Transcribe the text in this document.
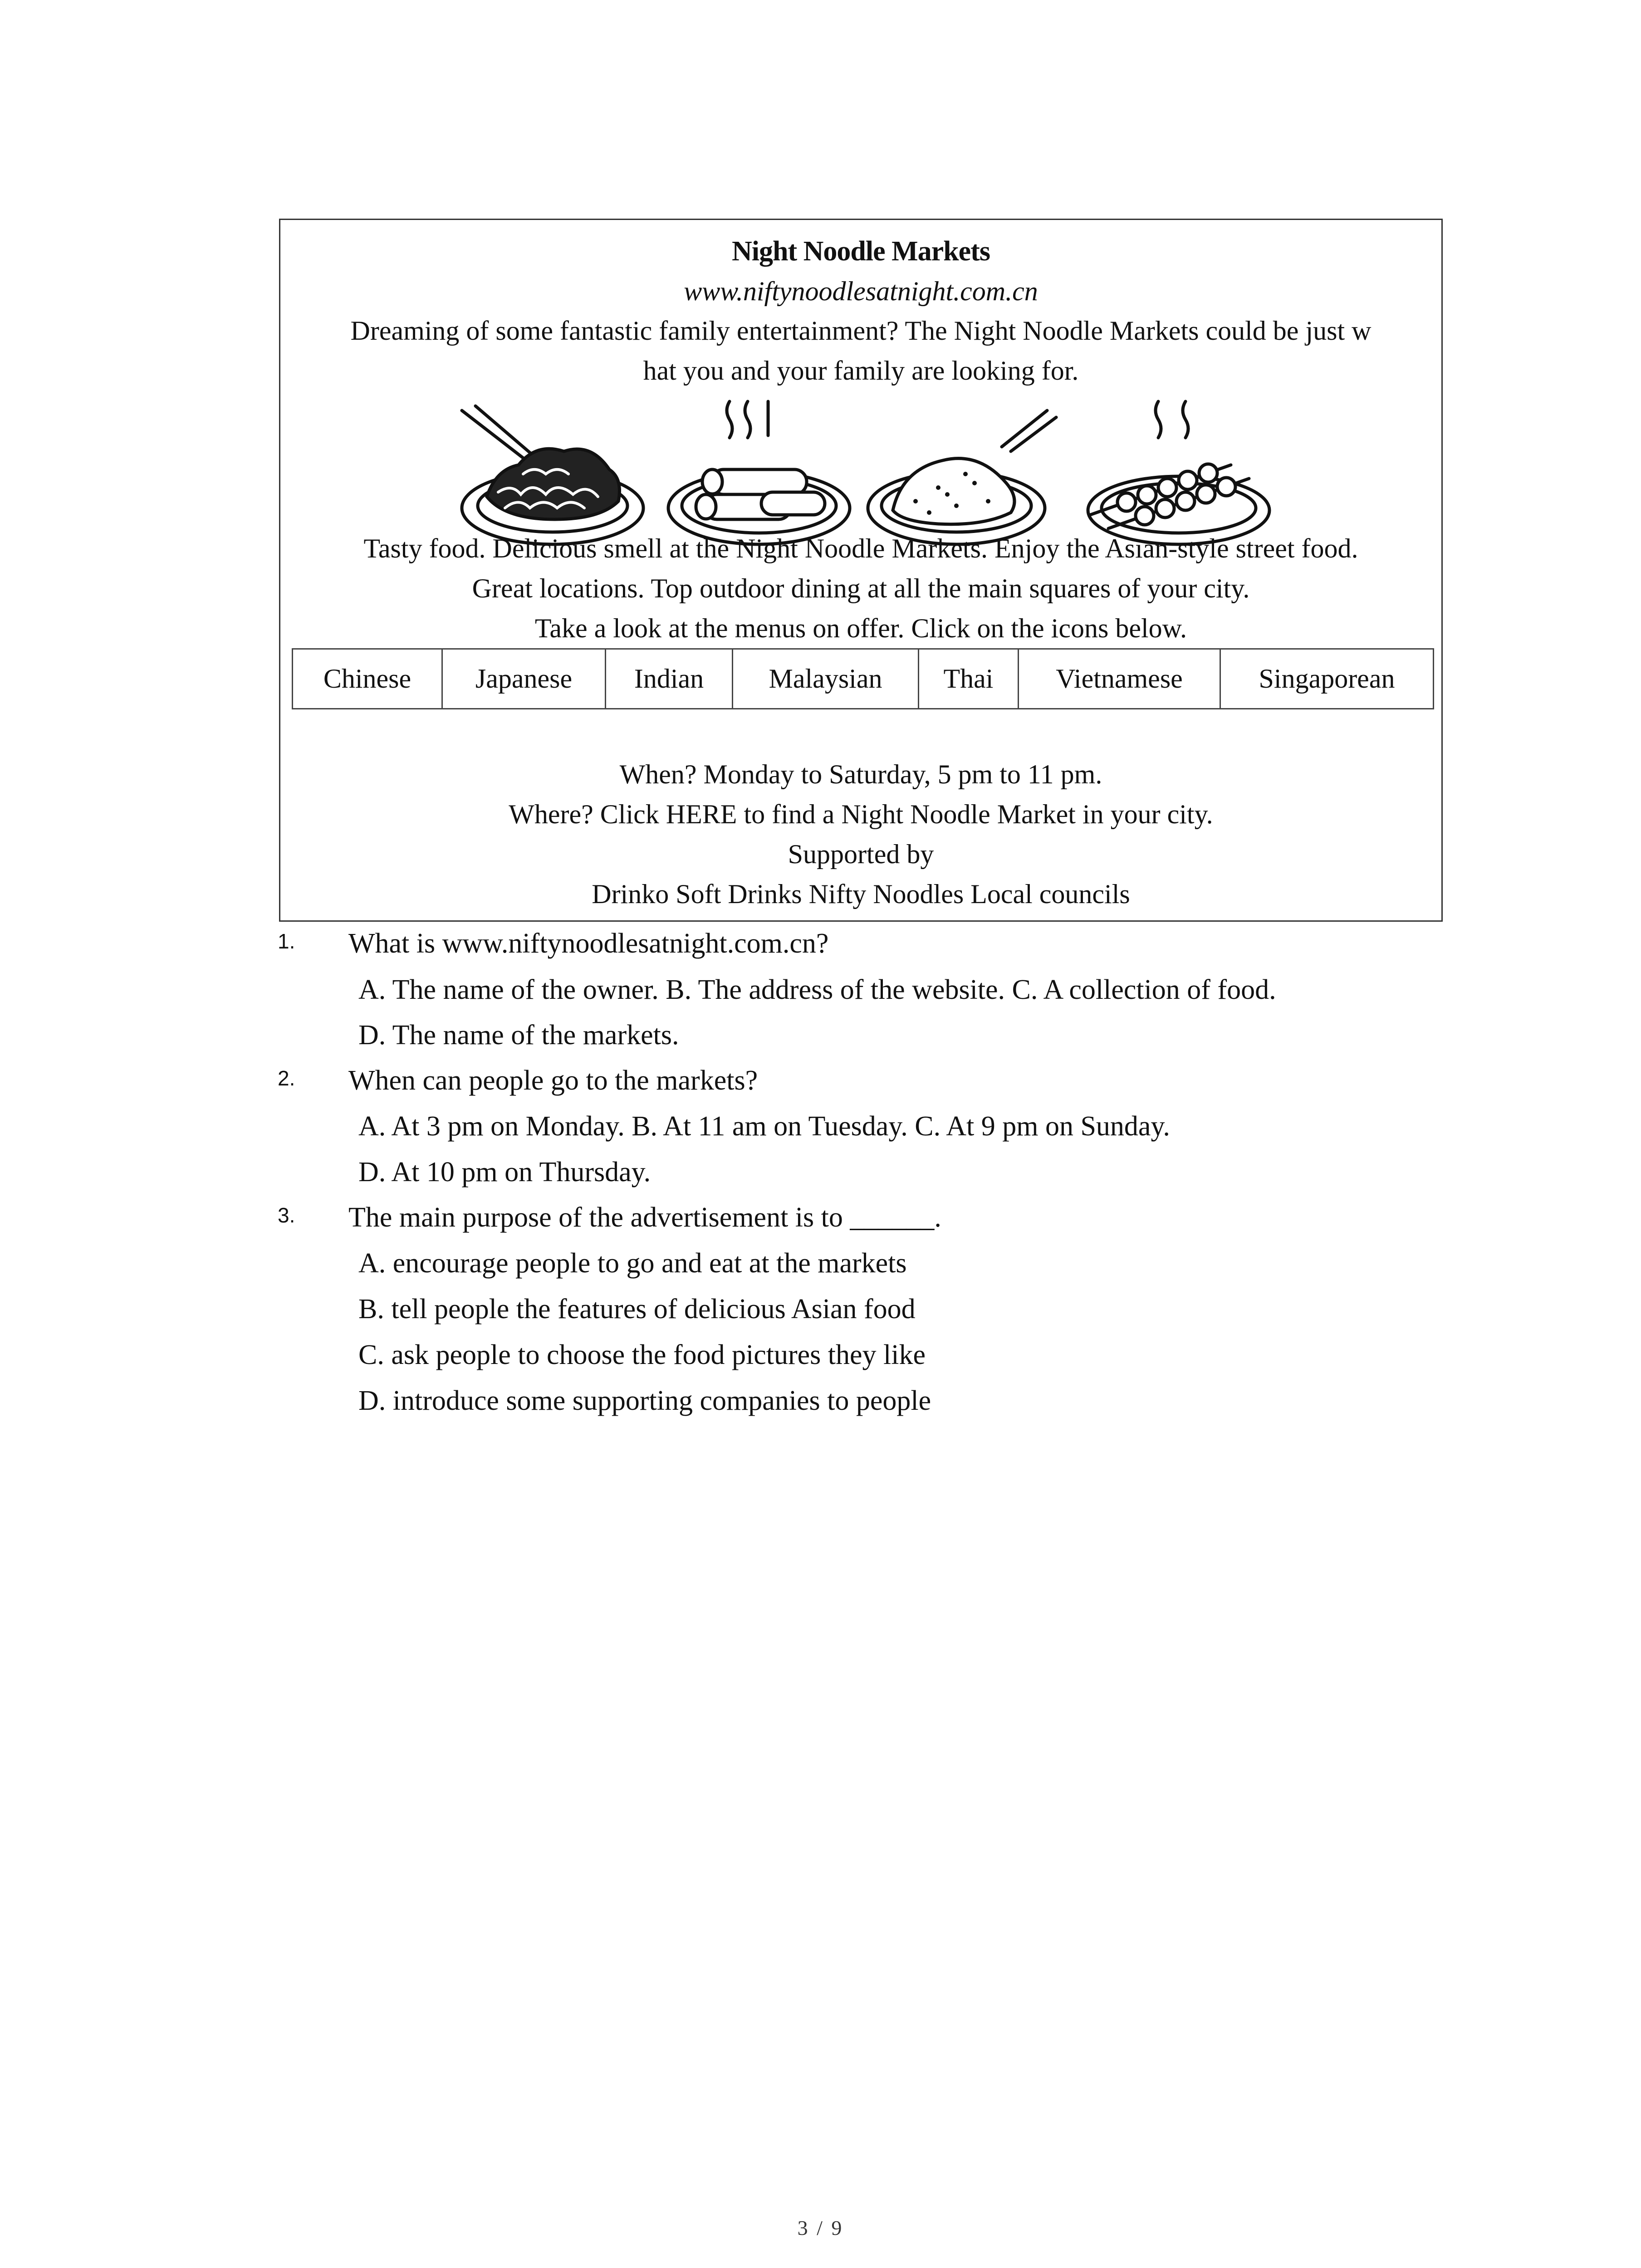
Night Noodle Markets
www.niftynoodlesatnight.com.cn
Dreaming of some fantastic family entertainment? The Night Noodle Markets could be just w
hat you and your family are looking for.
Tasty food. Delicious smell at the Night Noodle Markets. Enjoy the Asian-style street food.
Great locations. Top outdoor dining at all the main squares of your city.
Take a look at the menus on offer. Click on the icons below.
Chinese	Japanese	Indian	Malaysian	Thai	Vietnamese	Singaporean
When? Monday to Saturday, 5 pm to 11 pm.
Where? Click HERE to find a Night Noodle Market in your city.
Supported by
Drinko Soft Drinks Nifty Noodles Local councils
1. What is www.niftynoodlesatnight.com.cn?
A. The name of the owner. B. The address of the website. C. A collection of food.
D. The name of the markets.
2. When can people go to the markets?
A. At 3 pm on Monday. B. At 11 am on Tuesday. C. At 9 pm on Sunday.
D. At 10 pm on Thursday.
3. The main purpose of the advertisement is to ______.
A. encourage people to go and eat at the markets
B. tell people the features of delicious Asian food
C. ask people to choose the food pictures they like
D. introduce some supporting companies to people
3 / 9
